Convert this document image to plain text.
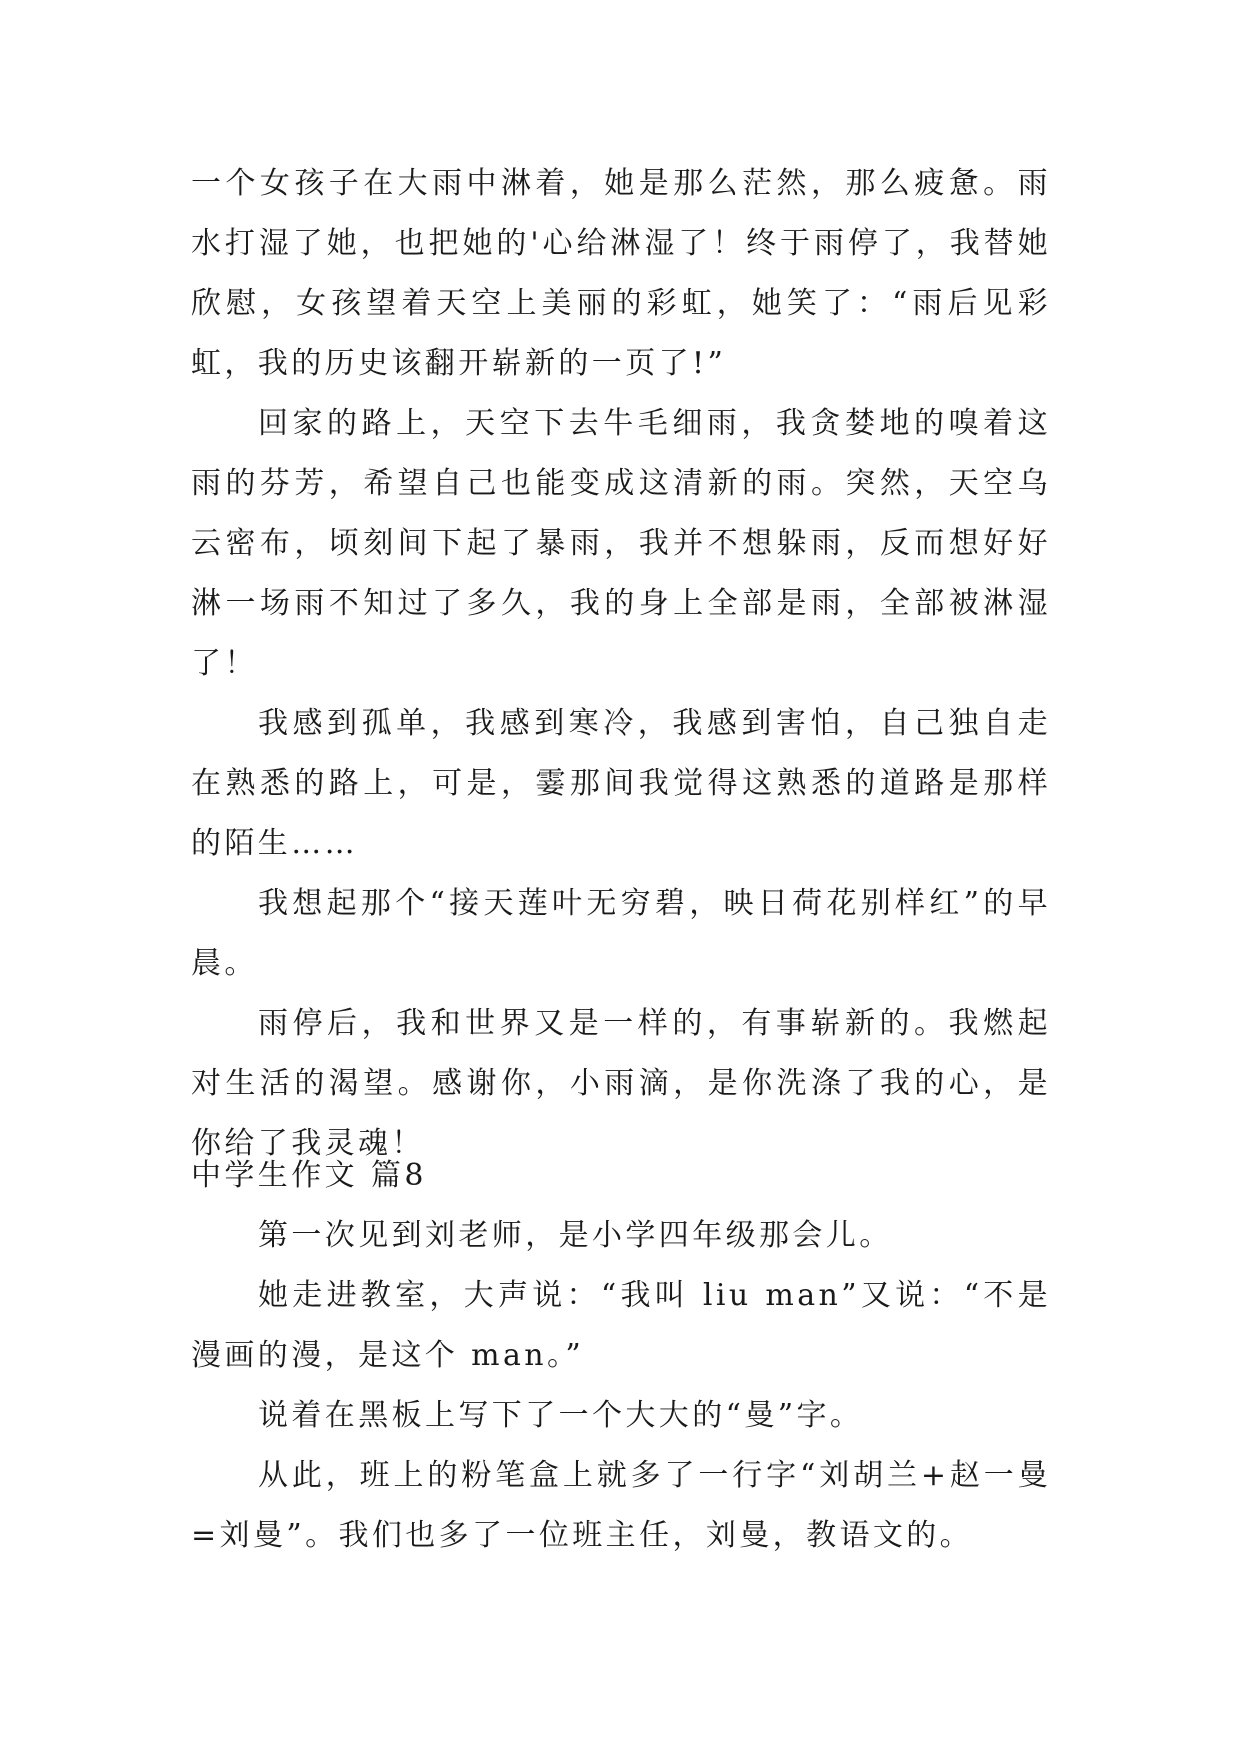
一个女孩子在大雨中淋着，她是那么茫然，那么疲惫。雨水打湿了她，也把她的'心给淋湿了！终于雨停了，我替她欣慰，女孩望着天空上美丽的彩虹，她笑了：“雨后见彩虹，我的历史该翻开崭新的一页了!”

回家的路上，天空下去牛毛细雨，我贪婪地的嗅着这雨的芬芳，希望自己也能变成这清新的雨。突然，天空乌云密布，顷刻间下起了暴雨，我并不想躲雨，反而想好好淋一场雨不知过了多久，我的身上全部是雨，全部被淋湿了！

我感到孤单，我感到寒冷，我感到害怕，自己独自走在熟悉的路上，可是，霎那间我觉得这熟悉的道路是那样的陌生……

我想起那个“接天莲叶无穷碧，映日荷花别样红”的早晨。

雨停后，我和世界又是一样的，有事崭新的。我燃起对生活的渴望。感谢你，小雨滴，是你洗涤了我的心，是你给了我灵魂！

中学生作文 篇8

第一次见到刘老师，是小学四年级那会儿。

她走进教室，大声说：“我叫 liu man”又说：“不是漫画的漫，是这个 man。”

说着在黑板上写下了一个大大的“曼”字。

从此，班上的粉笔盒上就多了一行字“刘胡兰+赵一曼=刘曼”。我们也多了一位班主任，刘曼，教语文的。
